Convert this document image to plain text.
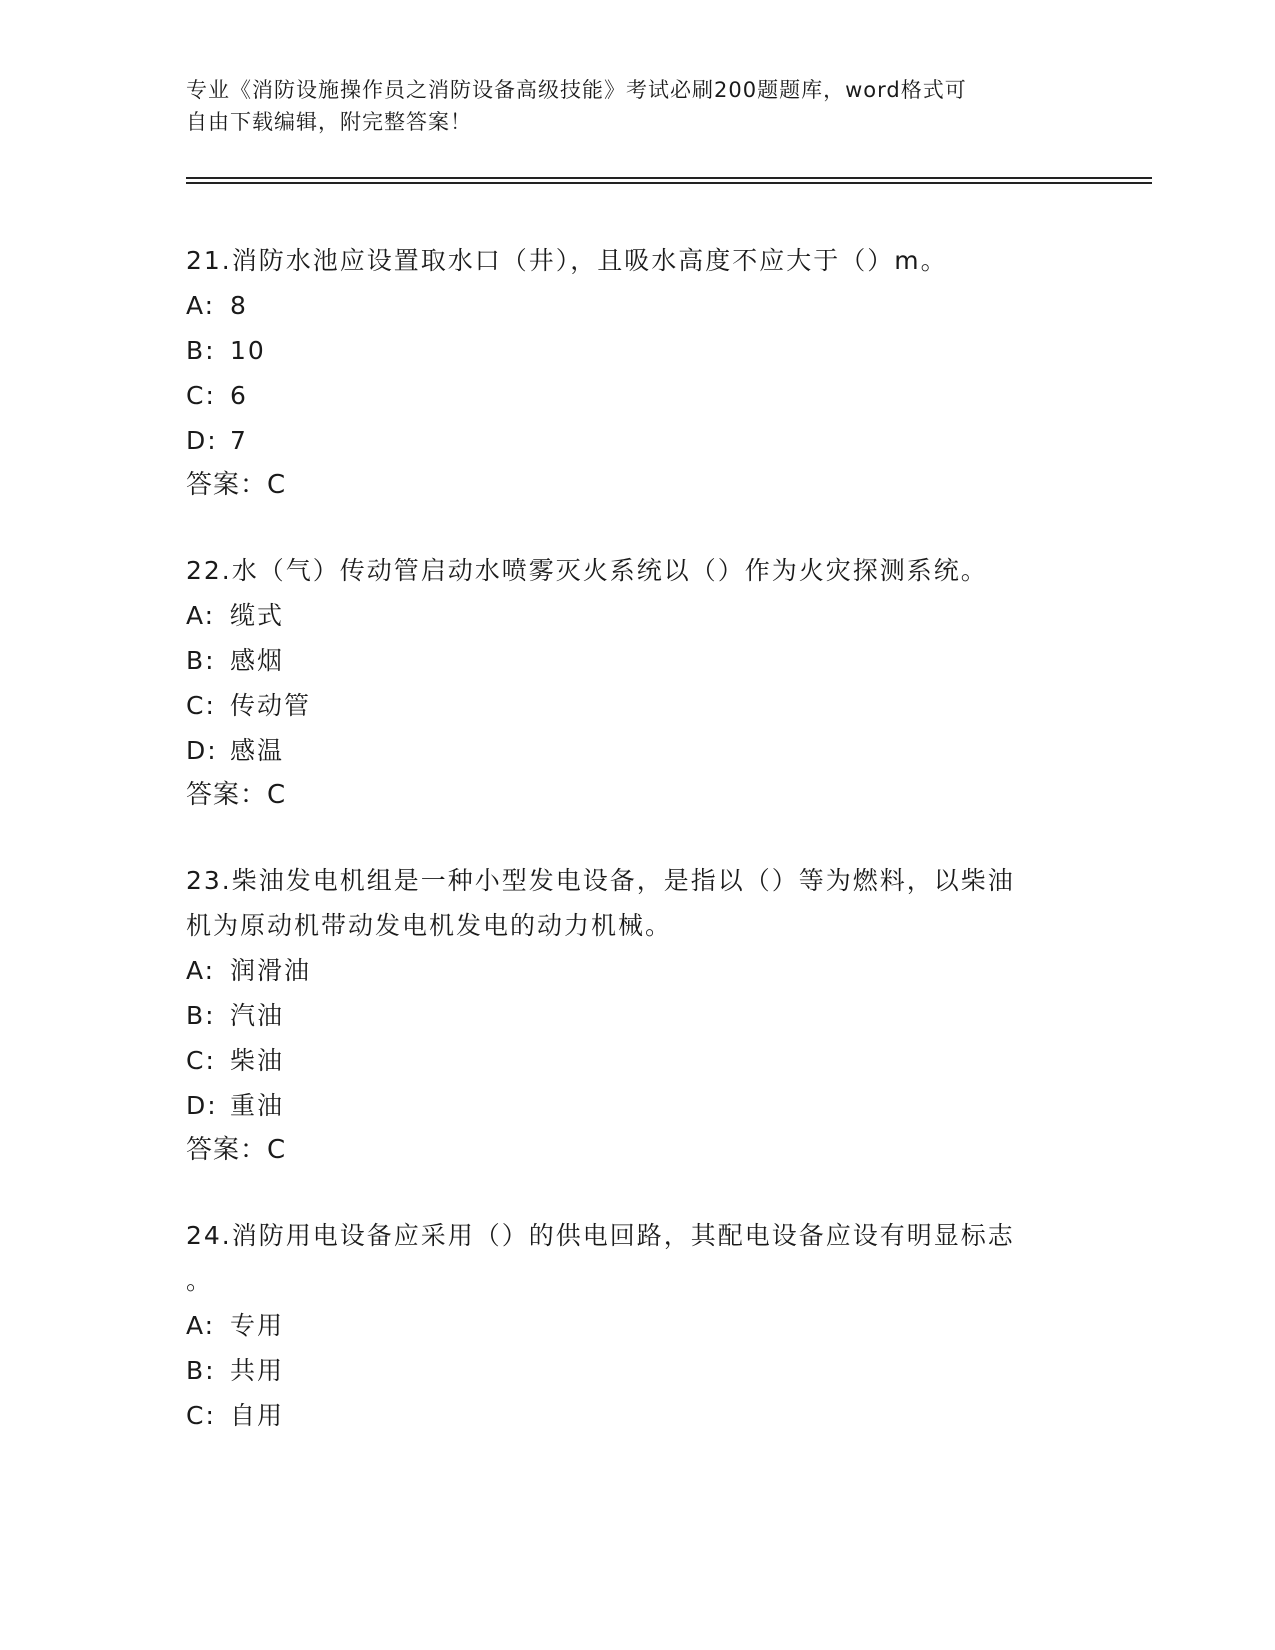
专业《消防设施操作员之消防设备高级技能》考试必刷200题题库，word格式可
自由下载编辑，附完整答案！
21.消防水池应设置取水口（井），且吸水高度不应大于（）m。
A: 8
B: 10
C: 6
D: 7
答案：C
22.水（气）传动管启动水喷雾灭火系统以（）作为火灾探测系统。
A: 缆式
B: 感烟
C: 传动管
D: 感温
答案：C
23.柴油发电机组是一种小型发电设备，是指以（）等为燃料，以柴油
机为原动机带动发电机发电的动力机械。
A: 润滑油
B: 汽油
C: 柴油
D: 重油
答案：C
24.消防用电设备应采用（）的供电回路，其配电设备应设有明显标志
。
A: 专用
B: 共用
C: 自用
